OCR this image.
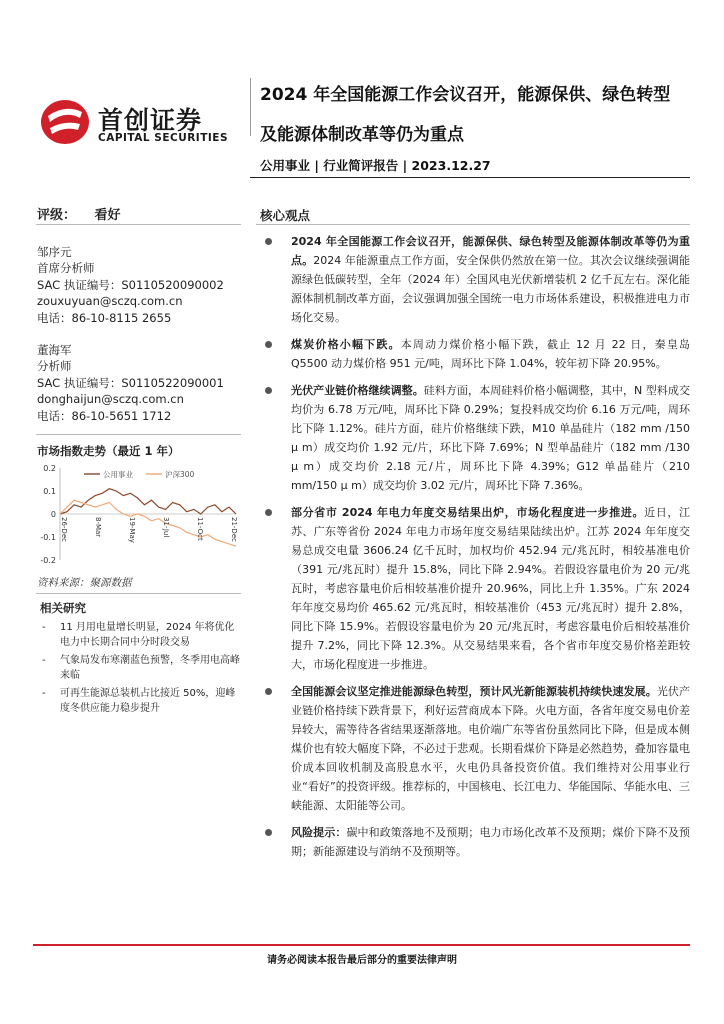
首创证券
CAPITAL SECURITIES
2024 年全国能源工作会议召开，能源保供、绿色转型
及能源体制改革等仍为重点
公用事业 | 行业简评报告 | 2023.12.27
评级： 看好
邹序元
首席分析师
SAC 执证编号：S0110520090002
zouxuyuan@sczq.com.cn
电话：86-10-8115 2655
董海军
分析师
SAC 执证编号：S0110522090001
donghaijun@sczq.com.cn
电话：86-10-5651 1712
市场指数走势（最近 1 年）
0.2
0.1
0
-0.1
-0.2
26-Dec	8-Mar	19-May	31-Jul	11-Oct	21-Dec
公用事业	沪深300
资料来源：聚源数据
相关研究
- 11 月用电量增长明显，2024 年将优化电力中长期合同中分时段交易
- 气象局发布寒潮蓝色预警，冬季用电高峰来临
- 可再生能源总装机占比接近 50%，迎峰度冬供应能力稳步提升
核心观点
2024 年全国能源工作会议召开，能源保供、绿色转型及能源体制改革等仍为重点。2024 年能源重点工作方面，安全保供仍然放在第一位。其次会议继续强调能源绿色低碳转型，全年（2024 年）全国风电光伏新增装机 2 亿千瓦左右。深化能源体制机制改革方面，会议强调加强全国统一电力市场体系建设，积极推进电力市场化交易。
煤炭价格小幅下跌。本周动力煤价格小幅下跌，截止 12 月 22 日，秦皇岛 Q5500 动力煤价格 951 元/吨，周环比下降 1.04%，较年初下降 20.95%。
光伏产业链价格继续调整。硅料方面，本周硅料价格小幅调整，其中，N 型料成交均价为 6.78 万元/吨，周环比下降 0.29%；复投料成交均价 6.16 万元/吨，周环比下降 1.12%。硅片方面，硅片价格继续下跌，M10 单晶硅片（182 mm /150 μ m）成交均价 1.92 元/片，环比下降 7.69%；N 型单晶硅片（182 mm /130 μ m）成交均价 2.18 元/片，周环比下降 4.39%；G12 单晶硅片（210 mm/150 μ m）成交均价 3.02 元/片，周环比下降 7.36%。
部分省市 2024 年电力年度交易结果出炉，市场化程度进一步推进。近日，江苏、广东等省份 2024 年电力市场年度交易结果陆续出炉。江苏 2024 年年度交易总成交电量 3606.24 亿千瓦时，加权均价 452.94 元/兆瓦时，相较基准电价（391 元/兆瓦时）提升 15.8%，同比下降 2.94%。若假设容量电价为 20 元/兆瓦时，考虑容量电价后相较基准价提升 20.96%，同比上升 1.35%。广东 2024 年年度交易均价 465.62 元/兆瓦时，相较基准价（453 元/兆瓦时）提升 2.8%，同比下降 15.9%。若假设容量电价为 20 元/兆瓦时，考虑容量电价后相较基准价提升 7.2%，同比下降 12.3%。从交易结果来看，各个省市年度交易价格差距较大，市场化程度进一步推进。
全国能源会议坚定推进能源绿色转型，预计风光新能源装机持续快速发展。光伏产业链价格持续下跌背景下，利好运营商成本下降。火电方面，各省年度交易电价差异较大，需等待各省结果逐渐落地。电价端广东等省份虽然同比下降，但是成本侧煤价也有较大幅度下降，不必过于悲观。长期看煤价下降是必然趋势，叠加容量电价成本回收机制及高股息水平，火电仍具备投资价值。我们维持对公用事业行业“看好”的投资评级。推荐标的，中国核电、长江电力、华能国际、华能水电、三峡能源、太阳能等公司。
风险提示：碳中和政策落地不及预期；电力市场化改革不及预期；煤价下降不及预期；新能源建设与消纳不及预期等。
请务必阅读本报告最后部分的重要法律声明
